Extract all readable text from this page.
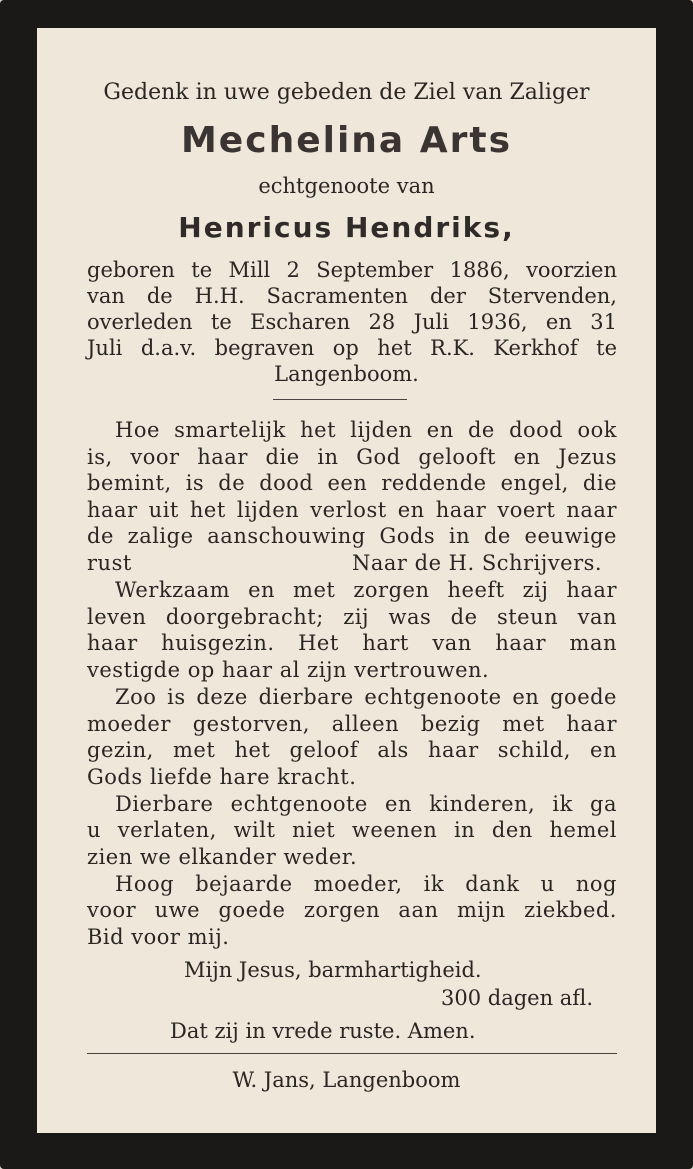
Gedenk in uwe gebeden de Ziel van Zaliger
Mechelina Arts
echtgenoote van
Henricus Hendriks,
geboren te Mill 2 September 1886, voorzien
van de H.H. Sacramenten der Stervenden,
overleden te Escharen 28 Juli 1936, en 31
Juli d.a.v. begraven op het R.K. Kerkhof te
Langenboom.
Hoe smartelijk het lijden en de dood ook
is, voor haar die in God gelooft en Jezus
bemint, is de dood een reddende engel, die
haar uit het lijden verlost en haar voert naar
de zalige aanschouwing Gods in de eeuwige
rust	Naar de H. Schrijvers.
Werkzaam en met zorgen heeft zij haar
leven doorgebracht; zij was de steun van
haar huisgezin. Het hart van haar man
vestigde op haar al zijn vertrouwen.
Zoo is deze dierbare echtgenoote en goede
moeder gestorven, alleen bezig met haar
gezin, met het geloof als haar schild, en
Gods liefde hare kracht.
Dierbare echtgenoote en kinderen, ik ga
u verlaten, wilt niet weenen in den hemel
zien we elkander weder.
Hoog bejaarde moeder, ik dank u nog
voor uwe goede zorgen aan mijn ziekbed.
Bid voor mij.
Mijn Jesus, barmhartigheid.
300 dagen afl.
Dat zij in vrede ruste. Amen.
W. Jans, Langenboom
